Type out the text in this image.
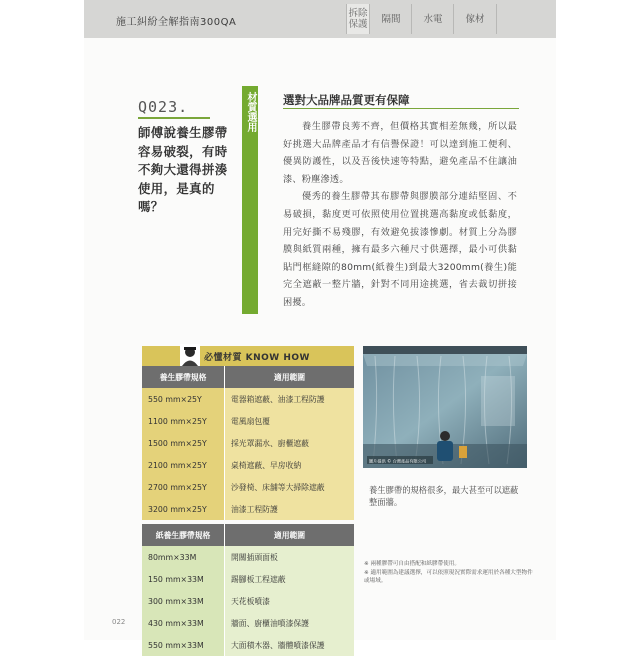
施工糾紛全解指南300QA
拆除保護 隔間 水電 傢材
Q023.
師傅說養生膠帶容易破裂，有時不夠大還得拼湊使用，是真的嗎？
材質選用 選對大品牌品質更有保障

養生膠帶良莠不齊，但價格其實相差無幾，所以最好挑選大品牌產品才有信譽保證！可以達到施工便利、優異防護性，以及吾後快速等特點，避免產品不住讓油漆、粉塵滲透。

優秀的養生膠帶其布膠帶與膠膜部分連結堅固、不易破損，黏度更可依照使用位置挑選高黏度或低黏度，用完好撕不易殘膠，有效避免拔漆慘劇。材質上分為膠膜與紙質兩種，擁有最多六種尺寸供選擇，最小可供黏貼門框縫隙的80mm(紙養生)到最大3200mm(養生)能完全遮蔽一整片牆，針對不同用途挑選，省去裁切拼接困擾。

必懂材質 KNOW HOW
養生膠帶規格	適用範圍
550 mm×25Y	電器箱遮蔽、油漆工程防護
1100 mm×25Y	電風扇包覆
1500 mm×25Y	採光罩漏水、廚櫃遮蔽
2100 mm×25Y	桌椅遮蔽、早房收納
2700 mm×25Y	沙發椅、床舖等大掃除遮蔽
3200 mm×25Y	油漆工程防護
紙養生膠帶規格	適用範圍
80mm×33M	開關插頭面板
150 mm×33M	踢腳板工程遮蔽
300 mm×33M	天花板噴漆
430 mm×33M	牆面、廚櫃油噴漆保護
550 mm×33M	大面積木器、牆體噴漆保護
圖片提供 © 台灣產品有限公司
養生膠帶的規格很多，最大甚至可以遮蔽整面牆。
※ 兩種膠帶可自由搭配和紙膠帶使用。
※ 適用範圍為建議選擇，可以依照現況實際需求運用於各種大型物件或場域。
022
